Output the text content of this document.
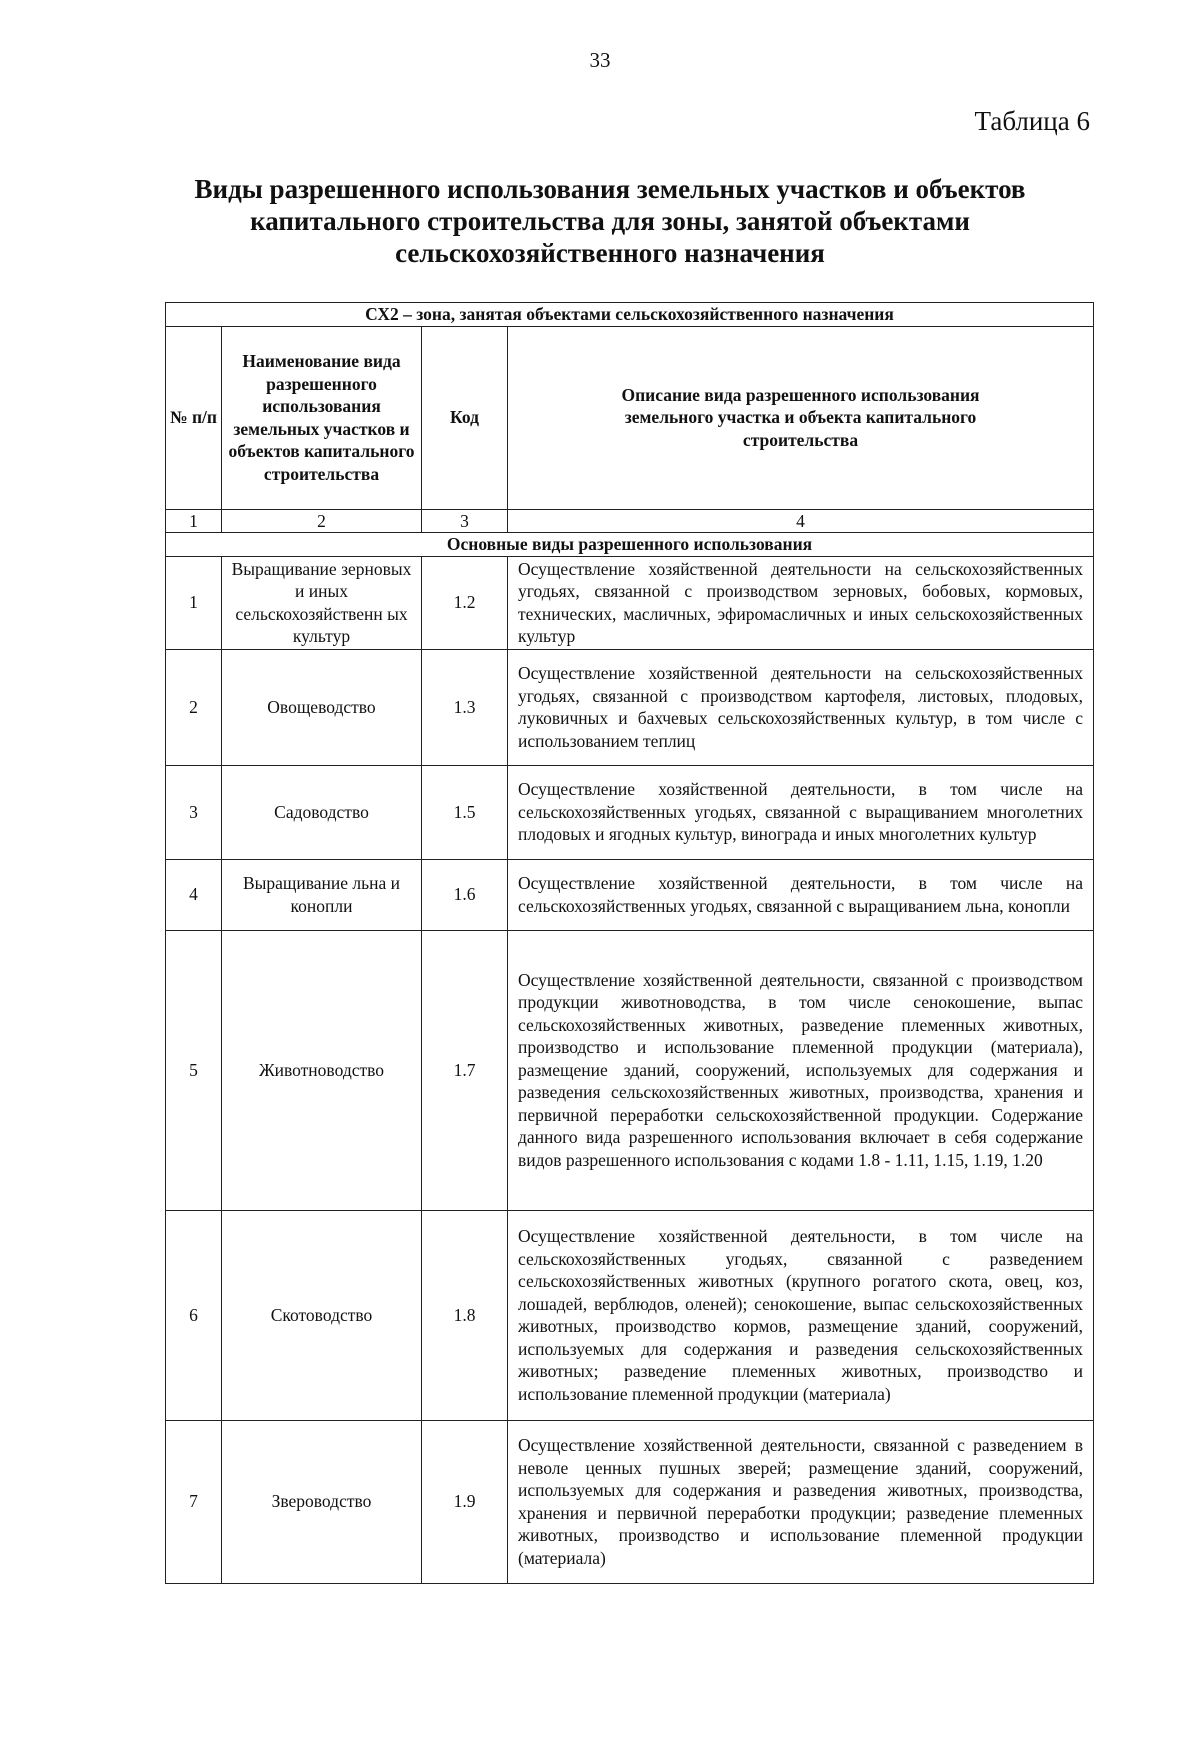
33
Таблица 6
Виды разрешенного использования земельных участков и объектов капитального строительства для зоны, занятой объектами сельскохозяйственного назначения
СХ2 – зона, занятая объектами сельскохозяйственного назначения			
№ п/п	Наименование вида разрешенного использования земельных участков и объектов капитального строительства	Код	Описание вида разрешенного использования земельного участка и объекта капитального строительства
1	2	3	4
Основные виды разрешенного использования			
1	Выращивание зерновых и иных сельскохозяйственн ых культур	1.2	Осуществление хозяйственной деятельности на сельскохозяйственных угодьях, связанной с производством зерновых, бобовых, кормовых, технических, масличных, эфиромасличных и иных сельскохозяйственных культур
2	Овощеводство	1.3	Осуществление хозяйственной деятельности на сельскохозяйственных угодьях, связанной с производством картофеля, листовых, плодовых, луковичных и бахчевых сельскохозяйственных культур, в том числе с использованием теплиц
3	Садоводство	1.5	Осуществление хозяйственной деятельности, в том числе на сельскохозяйственных угодьях, связанной с выращиванием многолетних плодовых и ягодных культур, винограда и иных многолетних культур
4	Выращивание льна и конопли	1.6	Осуществление хозяйственной деятельности, в том числе на сельскохозяйственных угодьях, связанной с выращиванием льна, конопли
5	Животноводство	1.7	Осуществление хозяйственной деятельности, связанной с производством продукции животноводства, в том числе сенокошение, выпас сельскохозяйственных животных, разведение племенных животных, производство и использование племенной продукции (материала), размещение зданий, сооружений, используемых для содержания и разведения сельскохозяйственных животных, производства, хранения и первичной переработки сельскохозяйственной продукции. Содержание данного вида разрешенного использования включает в себя содержание видов разрешенного использования с кодами 1.8 - 1.11, 1.15, 1.19, 1.20
6	Скотоводство	1.8	Осуществление хозяйственной деятельности, в том числе на сельскохозяйственных угодьях, связанной с разведением сельскохозяйственных животных (крупного рогатого скота, овец, коз, лошадей, верблюдов, оленей); сенокошение, выпас сельскохозяйственных животных, производство кормов, размещение зданий, сооружений, используемых для содержания и разведения сельскохозяйственных животных; разведение племенных животных, производство и использование племенной продукции (материала)
7	Звероводство	1.9	Осуществление хозяйственной деятельности, связанной с разведением в неволе ценных пушных зверей; размещение зданий, сооружений, используемых для содержания и разведения животных, производства, хранения и первичной переработки продукции; разведение племенных животных, производство и использование племенной продукции (материала)
